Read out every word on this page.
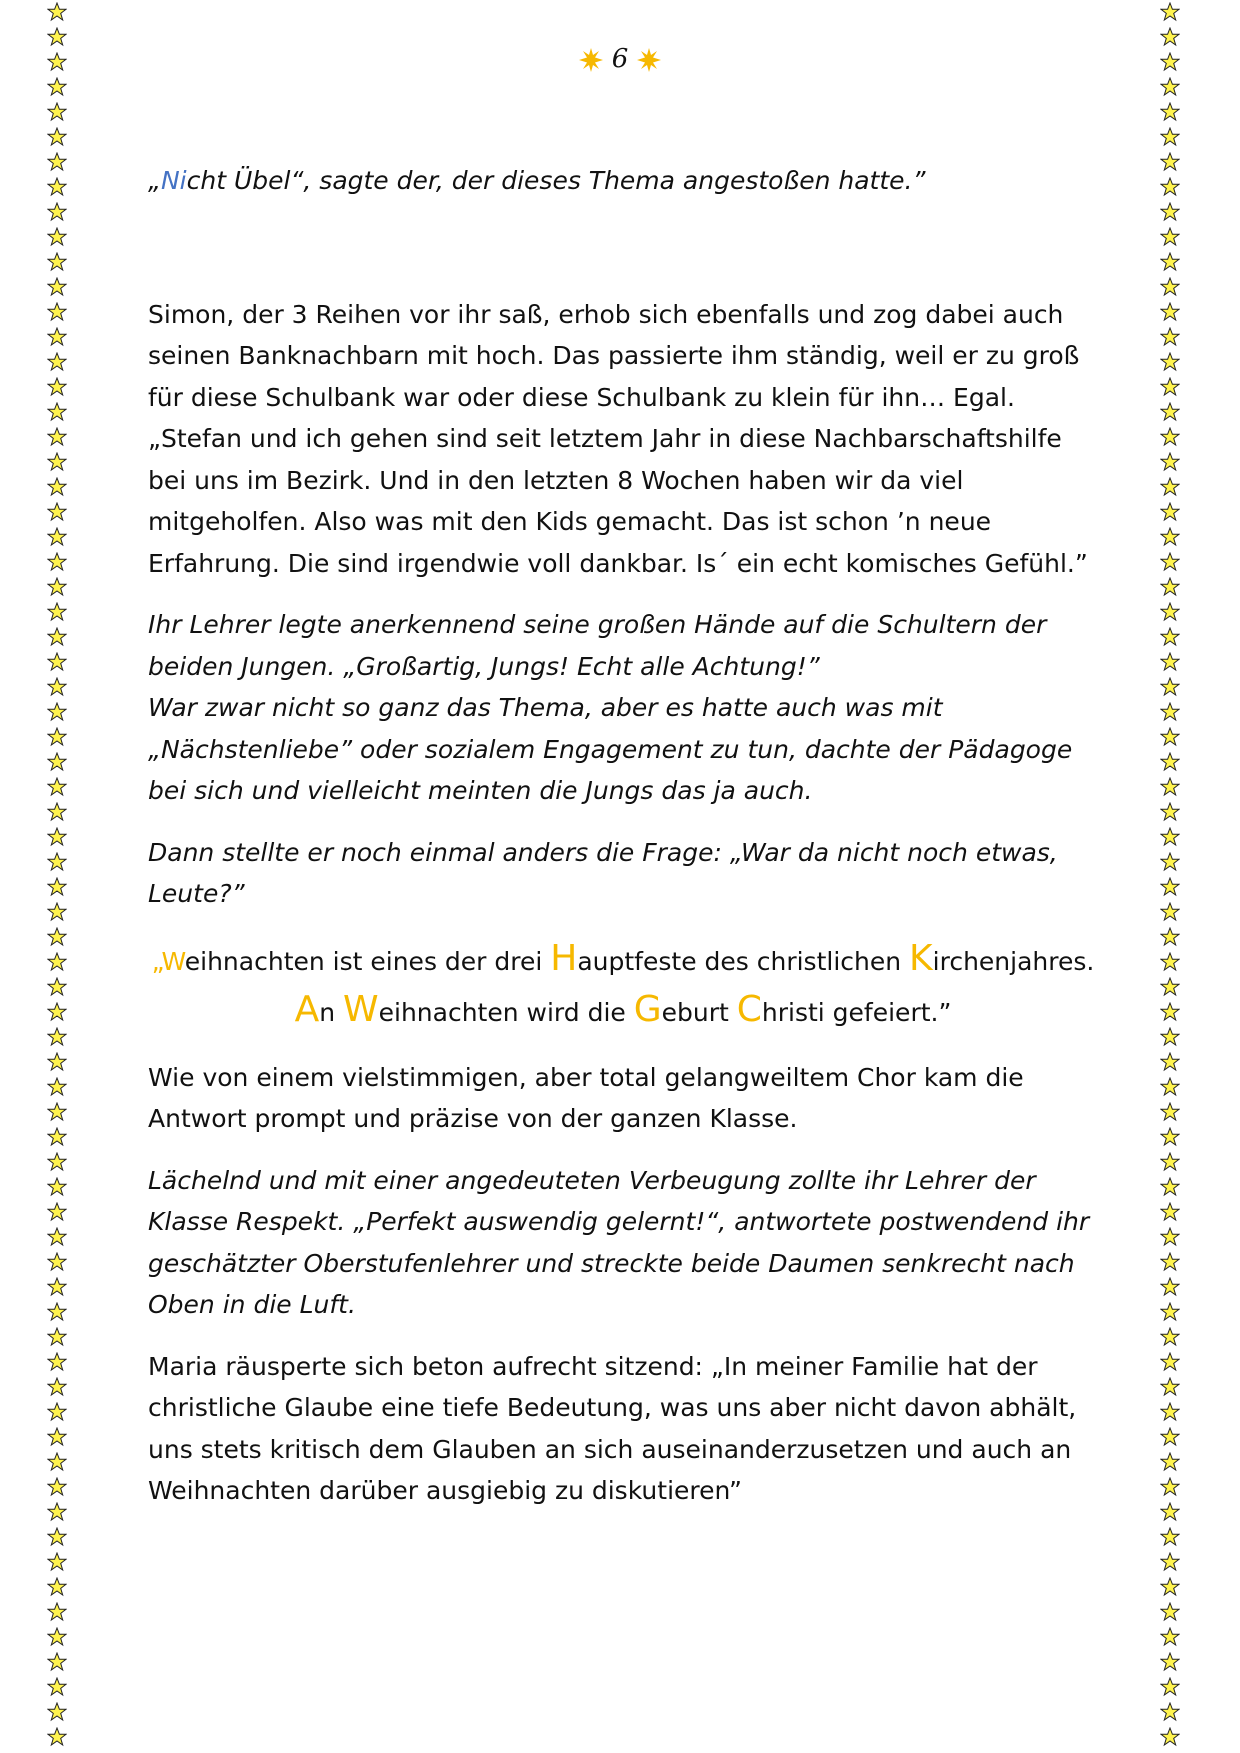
6

„Nicht Übel“, sagte der, der dieses Thema angestoßen hatte.”

Simon, der 3 Reihen vor ihr saß, erhob sich ebenfalls und zog dabei auch seinen Banknachbarn mit hoch. Das passierte ihm ständig, weil er zu groß für diese Schulbank war oder diese Schulbank zu klein für ihn… Egal. „Stefan und ich gehen sind seit letztem Jahr in diese Nachbarschaftshilfe bei uns im Bezirk. Und in den letzten 8 Wochen haben wir da viel mitgeholfen. Also was mit den Kids gemacht. Das ist schon ’n neue Erfahrung. Die sind irgendwie voll dankbar. Is´ ein echt komisches Gefühl.”

Ihr Lehrer legte anerkennend seine großen Hände auf die Schultern der beiden Jungen. „Großartig, Jungs! Echt alle Achtung!”
War zwar nicht so ganz das Thema, aber es hatte auch was mit „Nächstenliebe” oder sozialem Engagement zu tun, dachte der Pädagoge bei sich und vielleicht meinten die Jungs das ja auch.

Dann stellte er noch einmal anders die Frage: „War da nicht noch etwas, Leute?”

„Weihnachten ist eines der drei Hauptfeste des christlichen Kirchenjahres.
An Weihnachten wird die Geburt Christi gefeiert.”

Wie von einem vielstimmigen, aber total gelangweiltem Chor kam die Antwort prompt und präzise von der ganzen Klasse.

Lächelnd und mit einer angedeuteten Verbeugung zollte ihr Lehrer der Klasse Respekt. „Perfekt auswendig gelernt!“, antwortete postwendend ihr geschätzter Oberstufenlehrer und streckte beide Daumen senkrecht nach Oben in die Luft.

Maria räusperte sich beton aufrecht sitzend: „In meiner Familie hat der christliche Glaube eine tiefe Bedeutung, was uns aber nicht davon abhält, uns stets kritisch dem Glauben an sich auseinanderzusetzen und auch an Weihnachten darüber ausgiebig zu diskutieren”
